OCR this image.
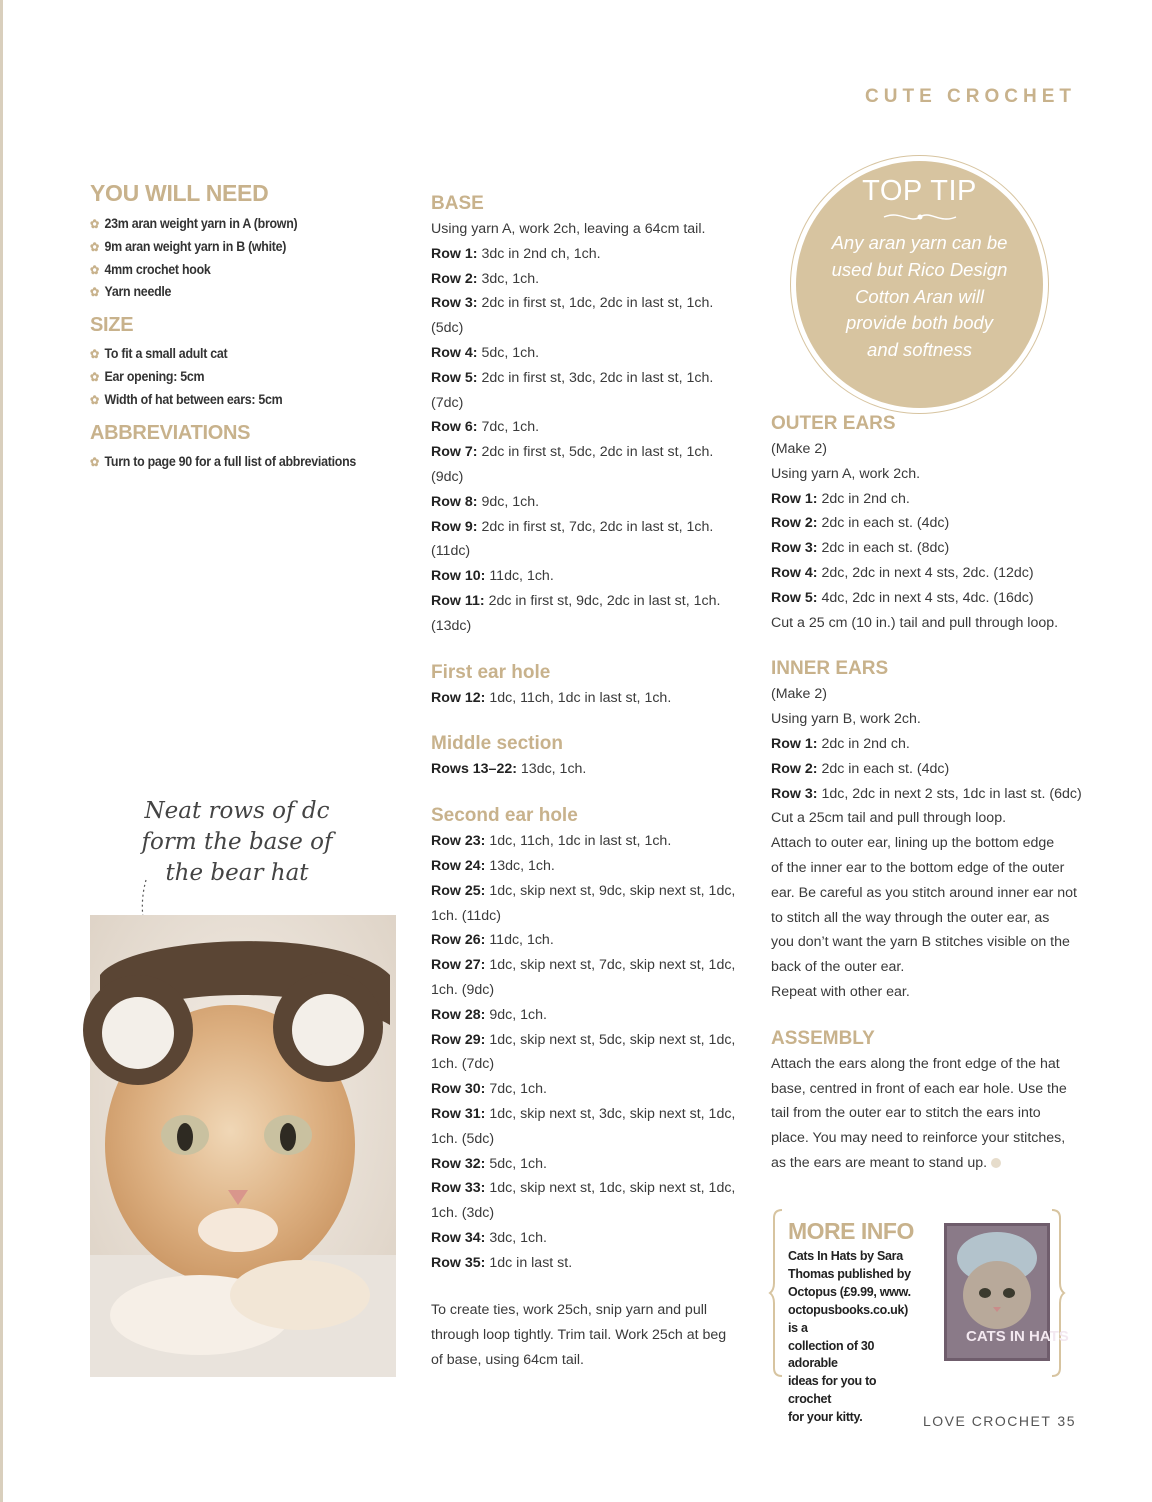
CUTE CROCHET
YOU WILL NEED
✿ 23m aran weight yarn in A (brown)
✿ 9m aran weight yarn in B (white)
✿ 4mm crochet hook
✿ Yarn needle
SIZE
✿ To fit a small adult cat
✿ Ear opening: 5cm
✿ Width of hat between ears: 5cm
ABBREVIATIONS
✿ Turn to page 90 for a full list of abbreviations
Neat rows of dc
form the base of
the bear hat
BASE
Using yarn A, work 2ch, leaving a 64cm tail.
Row 1: 3dc in 2nd ch, 1ch.
Row 2: 3dc, 1ch.
Row 3: 2dc in first st, 1dc, 2dc in last st, 1ch.
(5dc)
Row 4: 5dc, 1ch.
Row 5: 2dc in first st, 3dc, 2dc in last st, 1ch.
(7dc)
Row 6: 7dc, 1ch.
Row 7: 2dc in first st, 5dc, 2dc in last st, 1ch.
(9dc)
Row 8: 9dc, 1ch.
Row 9: 2dc in first st, 7dc, 2dc in last st, 1ch.
(11dc)
Row 10: 11dc, 1ch.
Row 11: 2dc in first st, 9dc, 2dc in last st, 1ch.
(13dc)
First ear hole
Row 12: 1dc, 11ch, 1dc in last st, 1ch.
Middle section
Rows 13–22: 13dc, 1ch.
Second ear hole
Row 23: 1dc, 11ch, 1dc in last st, 1ch.
Row 24: 13dc, 1ch.
Row 25: 1dc, skip next st, 9dc, skip next st, 1dc,
1ch. (11dc)
Row 26: 11dc, 1ch.
Row 27: 1dc, skip next st, 7dc, skip next st, 1dc,
1ch. (9dc)
Row 28: 9dc, 1ch.
Row 29: 1dc, skip next st, 5dc, skip next st, 1dc,
1ch. (7dc)
Row 30: 7dc, 1ch.
Row 31: 1dc, skip next st, 3dc, skip next st, 1dc,
1ch. (5dc)
Row 32: 5dc, 1ch.
Row 33: 1dc, skip next st, 1dc, skip next st, 1dc,
1ch. (3dc)
Row 34: 3dc, 1ch.
Row 35: 1dc in last st.
To create ties, work 25ch, snip yarn and pull
through loop tightly. Trim tail. Work 25ch at beg
of base, using 64cm tail.
TOP TIP
Any aran yarn can be
used but Rico Design
Cotton Aran will
provide both body
and softness
OUTER EARS
(Make 2)
Using yarn A, work 2ch.
Row 1: 2dc in 2nd ch.
Row 2: 2dc in each st. (4dc)
Row 3: 2dc in each st. (8dc)
Row 4: 2dc, 2dc in next 4 sts, 2dc. (12dc)
Row 5: 4dc, 2dc in next 4 sts, 4dc. (16dc)
Cut a 25 cm (10 in.) tail and pull through loop.
INNER EARS
(Make 2)
Using yarn B, work 2ch.
Row 1: 2dc in 2nd ch.
Row 2: 2dc in each st. (4dc)
Row 3: 1dc, 2dc in next 2 sts, 1dc in last st. (6dc)
Cut a 25cm tail and pull through loop.
Attach to outer ear, lining up the bottom edge
of the inner ear to the bottom edge of the outer
ear. Be careful as you stitch around inner ear not
to stitch all the way through the outer ear, as
you don’t want the yarn B stitches visible on the
back of the outer ear.
Repeat with other ear.
ASSEMBLY
Attach the ears along the front edge of the hat
base, centred in front of each ear hole. Use the
tail from the outer ear to stitch the ears into
place. You may need to reinforce your stitches,
as the ears are meant to stand up.
MORE INFO
Cats In Hats by Sara
Thomas published by
Octopus (£9.99, www.
octopusbooks.co.uk) is a
collection of 30 adorable
ideas for you to crochet
for your kitty.
CATS IN HATS
LOVE CROCHET 35
